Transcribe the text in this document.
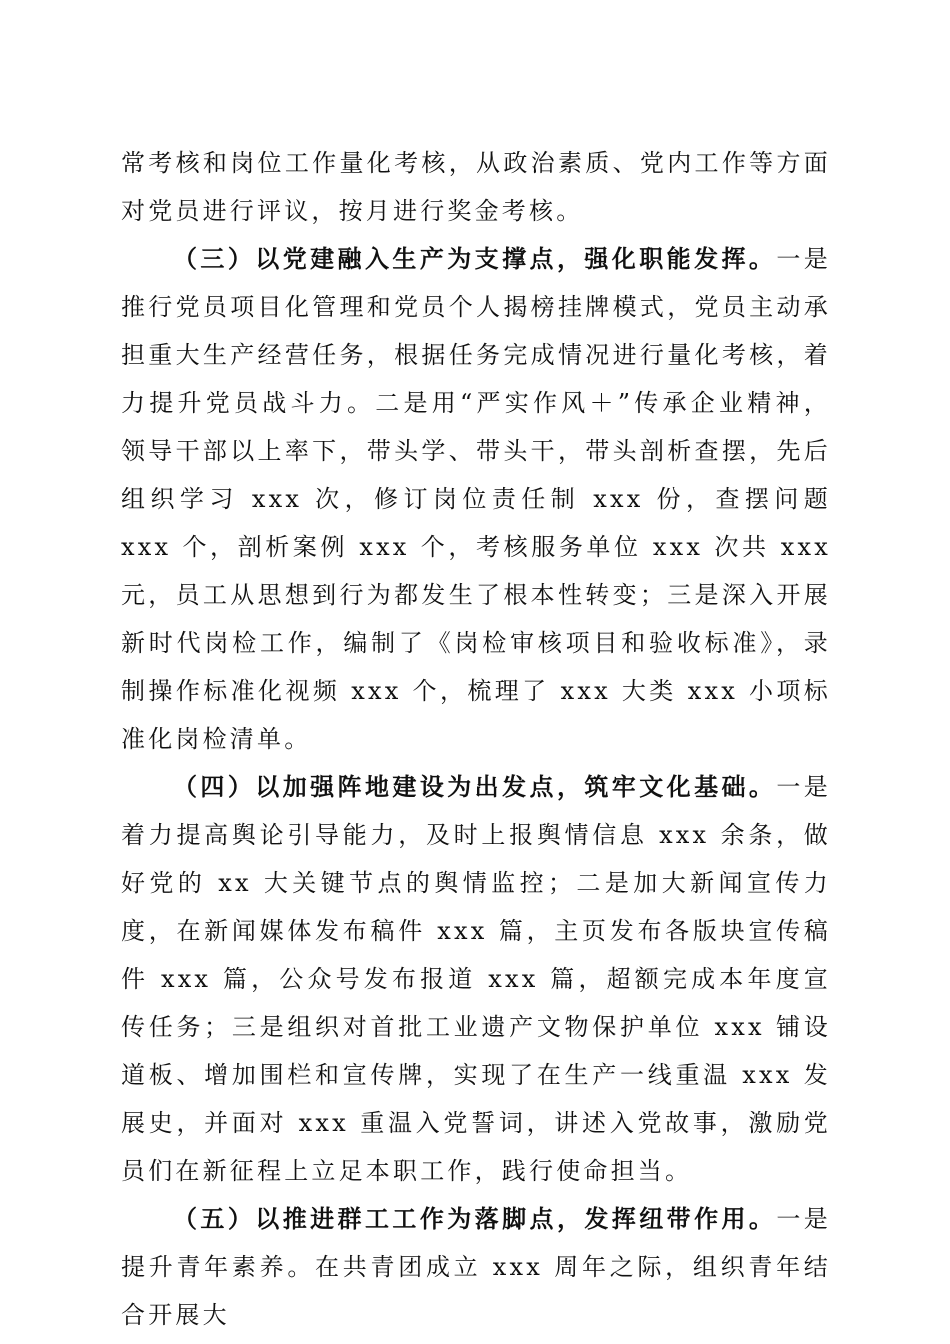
常考核和岗位工作量化考核，从政治素质、党内工作等方面对党员进行评议，按月进行奖金考核。

（三）以党建融入生产为支撑点，强化职能发挥。一是推行党员项目化管理和党员个人揭榜挂牌模式，党员主动承担重大生产经营任务，根据任务完成情况进行量化考核，着力提升党员战斗力。二是用“严实作风＋”传承企业精神，领导干部以上率下，带头学、带头干，带头剖析查摆，先后组织学习 xxx 次，修订岗位责任制 xxx 份，查摆问题 xxx 个，剖析案例 xxx 个，考核服务单位 xxx 次共 xxx 元，员工从思想到行为都发生了根本性转变；三是深入开展新时代岗检工作，编制了《岗检审核项目和验收标准》，录制操作标准化视频 xxx 个，梳理了 xxx 大类 xxx 小项标准化岗检清单。

（四）以加强阵地建设为出发点，筑牢文化基础。一是着力提高舆论引导能力，及时上报舆情信息 xxx 余条，做好党的 xx 大关键节点的舆情监控；二是加大新闻宣传力度，在新闻媒体发布稿件 xxx 篇，主页发布各版块宣传稿件 xxx 篇，公众号发布报道 xxx 篇，超额完成本年度宣传任务；三是组织对首批工业遗产文物保护单位 xxx 铺设道板、增加围栏和宣传牌，实现了在生产一线重温 xxx 发展史，并面对 xxx 重温入党誓词，讲述入党故事，激励党员们在新征程上立足本职工作，践行使命担当。

（五）以推进群工工作为落脚点，发挥纽带作用。一是提升青年素养。在共青团成立 xxx 周年之际，组织青年结合开展大
